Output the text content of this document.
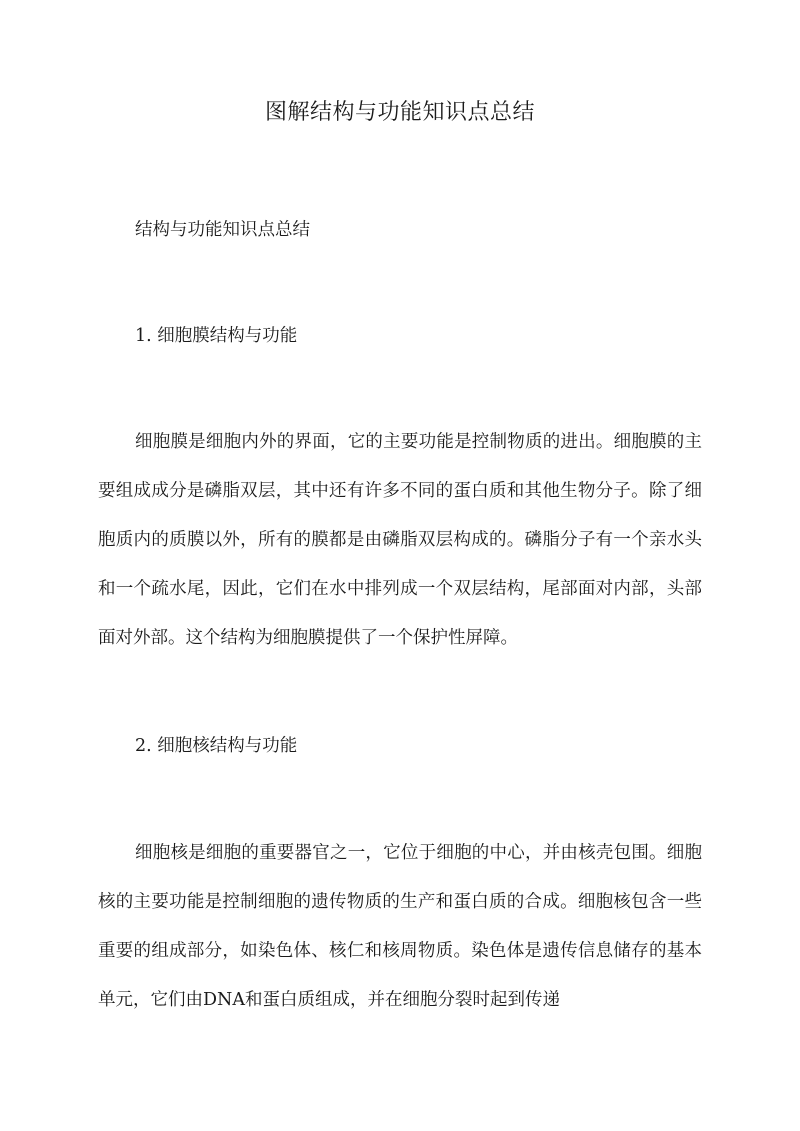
图解结构与功能知识点总结
结构与功能知识点总结
1. 细胞膜结构与功能
细胞膜是细胞内外的界面，它的主要功能是控制物质的进出。细胞膜的主要组成成分是磷脂双层，其中还有许多不同的蛋白质和其他生物分子。除了细胞质内的质膜以外，所有的膜都是由磷脂双层构成的。磷脂分子有一个亲水头和一个疏水尾，因此，它们在水中排列成一个双层结构，尾部面对内部，头部面对外部。这个结构为细胞膜提供了一个保护性屏障。
2. 细胞核结构与功能
细胞核是细胞的重要器官之一，它位于细胞的中心，并由核壳包围。细胞核的主要功能是控制细胞的遗传物质的生产和蛋白质的合成。细胞核包含一些重要的组成部分，如染色体、核仁和核周物质。染色体是遗传信息储存的基本单元，它们由DNA和蛋白质组成，并在细胞分裂时起到传递
